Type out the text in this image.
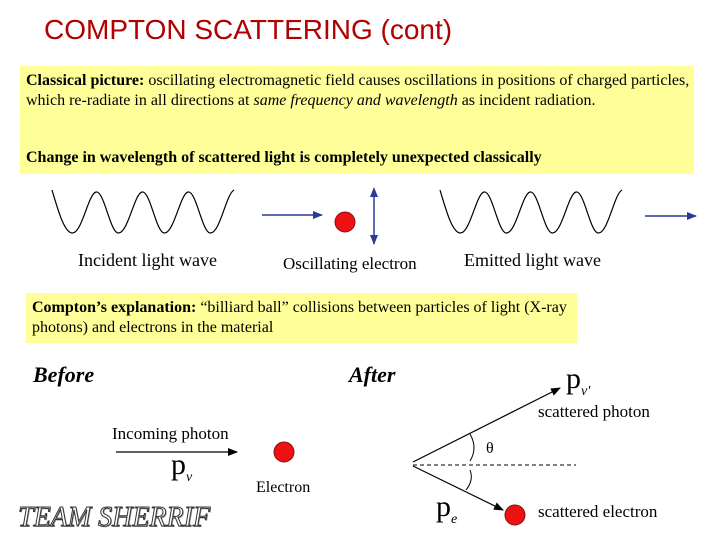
COMPTON SCATTERING (cont)
Classical picture: oscillating electromagnetic field causes oscillations in positions of charged particles, which re-radiate in all directions at same frequency and wavelength as incident radiation.
Change in wavelength of scattered light is completely unexpected classically
Incident light wave	Oscillating electron	Emitted light wave
Compton’s explanation: “billiard ball” collisions between particles of light (X-ray photons) and electrons in the material
Before	After
Incoming photon
$p_\nu$
Electron
$p_{\nu'}$
scattered photon
θ
$p_e$	scattered electron
TEAM SHERRIF
